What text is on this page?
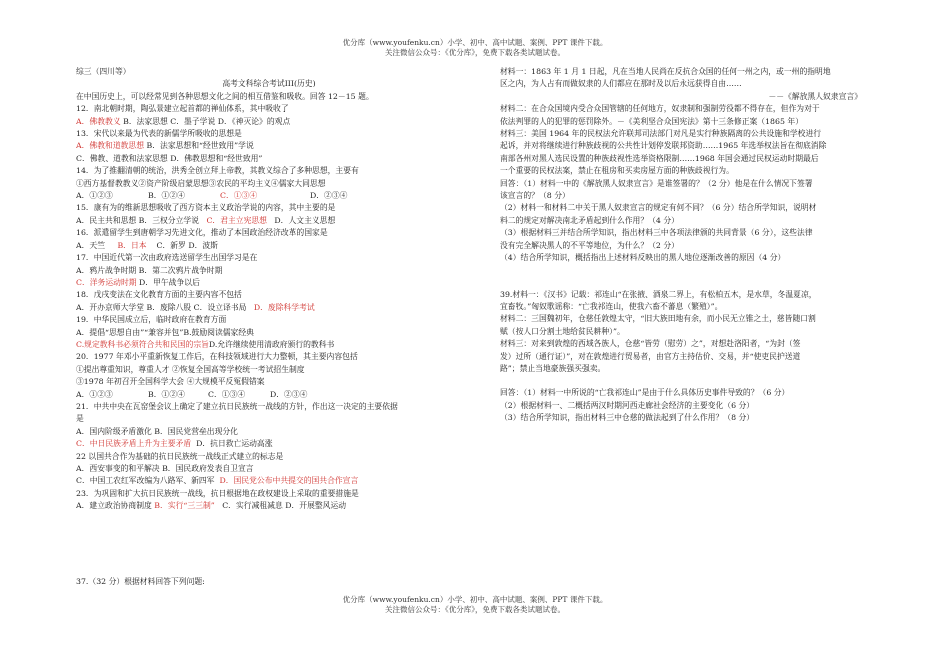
优分库（www.youfenku.cn）小学、初中、高中试题、案例、PPT 课件下载。
关注微信公众号：《优分库》，免费下载各类试题试卷。
综三（四川等）
高考文科综合考试III(历史)
在中国历史上，可以经常见到各种思想文化之间的相互借鉴和吸收。回答 12－15 题。
12．南北朝时期，陶弘景建立起首都的禅仙体系，其中吸收了
A．佛教教义 B．法家思想 C．墨子学说 D．《神灭论》的观点
13．宋代以来最为代表的新儒学所吸收的思想是
A．佛教和道教思想 B．法家思想和“经世致用”学说
C．佛教、道教和法家思想 D．佛教思想和“经世致用”
14．为了推翻清朝的统治，洪秀全创立拜上帝教，其教义综合了多种思想，主要有
①西方基督教教义②资产阶级启蒙思想③农民的平均主义④儒家大同思想
A．①②③	B．①②④	C．①③④	D．②③④
15．康有为的维新思想吸收了西方资本主义政治学说的内容，其中主要的是
A．民主共和思想 B．三权分立学说 C．君主立宪思想 D．人文主义思想
16．派遣留学生到唐朝学习先进文化，推动了本国政治经济改革的国家是
A．天竺 B．日本 C．新罗 D．波斯
17．中国近代第一次由政府选送留学生出国学习是在
A．鸦片战争时期 B．第二次鸦片战争时期
C．洋务运动时期 D．甲午战争以后
18．戊戌变法在文化教育方面的主要内容不包括
A．开办京师大学堂 B．废除八股 C．设立译书局 D．废除科学考试
19．中华民国成立后，临时政府在教育方面
A．提倡“思想自由”“兼容并包”B.鼓励阅读儒家经典
C.规定教科书必须符合共和民国的宗旨D.允许继续使用清政府颁行的教科书
20．1977 年邓小平重新恢复工作后，在科技领域进行大力整顿，其主要内容包括
①提出尊重知识，尊重人才 ②恢复全国高等学校统一考试招生制度
③1978 年初召开全国科学大会 ④大规模平反冤假错案
A．①②③	B．①②④	C．①③④	D．②③④
21．中共中央在瓦窑堡会议上确定了建立抗日民族统一战线的方针，作出这一决定的主要依据
是
A．国内阶级矛盾激化 B．国民党营垒出现分化
C．中日民族矛盾上升为主要矛盾 D．抗日救亡运动高涨
22 以国共合作为基础的抗日民族统一战线正式建立的标志是
A．西安事变的和平解决 B．国民政府发表自卫宣言
C．中国工农红军改编为八路军、新四军 D．国民党公布中共提交的国共合作宣言
23．为巩固和扩大抗日民族统一战线，抗日根据地在政权建设上采取的重要措施是
A．建立政治协商制度 B．实行“三三制” C．实行减租减息 D．开展整风运动
37.（32 分）根据材料回答下列问题:
材料一：1863 年 1 月 1 日起，凡在当地人民尚在反抗合众国的任何一州之内，或一州的指明地
区之内，为人占有而做奴隶的人们都应在那时及以后永远获得自由……
－－《解放黑人奴隶宣言》
材料二：在合众国境内受合众国管辖的任何地方，奴隶制和强制劳役都不得存在，但作为对于
依法判罪的人的犯罪的惩罚除外。－《美利坚合众国宪法》第十三条修正案（1865 年）
材料三：美国 1964 年的民权法允许联邦司法部门对凡是实行种族隔离的公共设施和学校进行
起诉，并对将继续进行种族歧视的公共性计划停发联邦资助……1965 年选举权法旨在彻底消除
南部各州对黑人选民设置的种族歧视性选举资格限制……1968 年国会通过民权运动时期最后
一个重要的民权法案，禁止在租房和买卖房屋方面的种族歧视行为。
回答：（1）材料一中的《解放黑人奴隶宣言》是谁签署的？（2 分）他是在什么情况下签署
该宣言的？（8 分）
（2）材料一和材料二中关于黑人奴隶宣言的规定有何不同？（6 分）结合所学知识，说明材
料二的规定对解决南北矛盾起到什么作用？（4 分）
（3）根据材料三并结合所学知识，指出材料三中各项法律颁的共同背景（6 分），这些法律
没有完全解决黑人的不平等地位，为什么？（2 分）
（4）结合所学知识，概括指出上述材料反映出的黑人地位逐渐改善的原因（4 分）
39.材料一：《汉书》记载：祁连山“在张掖、酒泉二界上，有松柏五木，是水草，冬温夏凉，
宜畜牧。”匈奴歌谣称：“亡我祁连山，使我六畜不蕃息（繁殖）”。
材料二：三国魏初年，仓慈任敦煌太守，“旧大族田地有余，而小民无立锥之土，慈皆随口割
赋（按人口分割土地给贫民耕种）”。
材料三：对来到敦煌的西域各族人，仓慈“皆劳（慰劳）之”，对想赴洛阳者，“为封（签
发）过所（通行证）”，对在敦煌进行贸易者，由官方主持估价、交易，并“使吏民护送道
路”；禁止当地豪族强买强卖。
回答：（1）材料一中所说的“亡我祁连山”是由于什么具体历史事件导致的？（6 分）
（2）根据材料一、二概括两汉时期河西走廊社会经济的主要变化（6 分）
（3）结合所学知识，指出材料三中仓慈的做法起到了什么作用？（8 分）
优分库（www.youfenku.cn）小学、初中、高中试题、案例、PPT 课件下载。
关注微信公众号：《优分库》，免费下载各类试题试卷。
